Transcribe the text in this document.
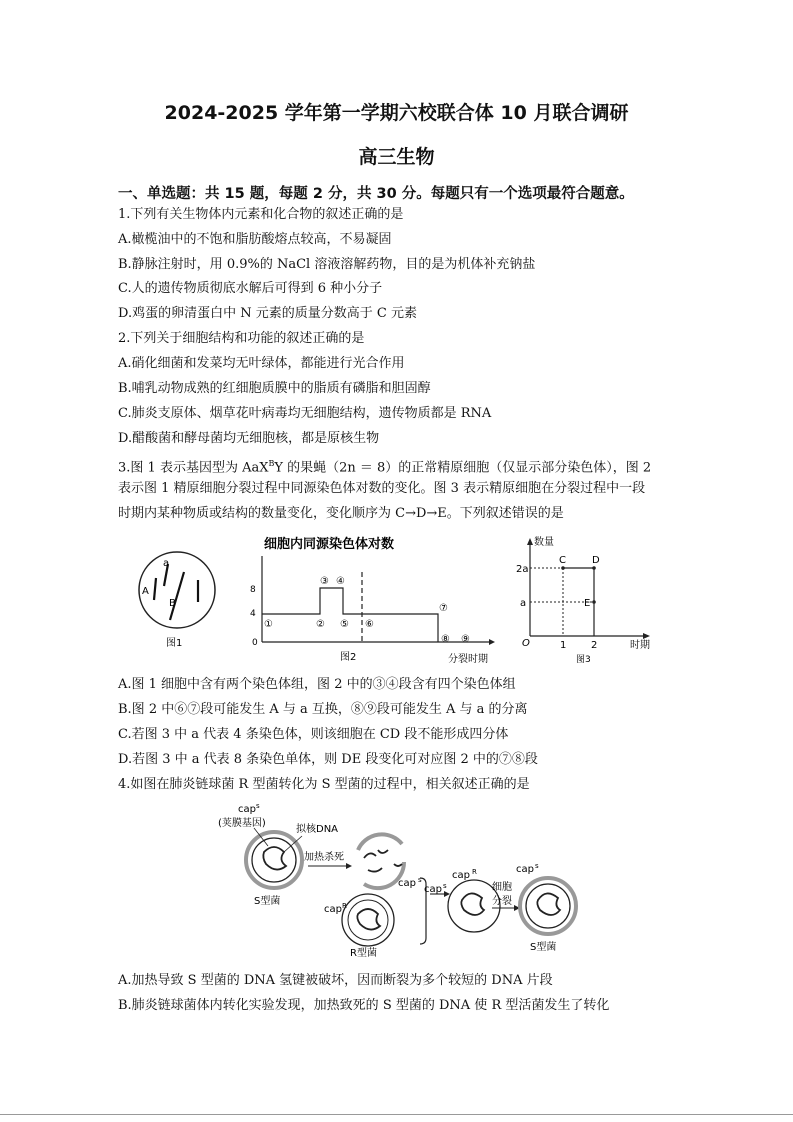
2024-2025 学年第一学期六校联合体 10 月联合调研
高三生物
一、单选题：共 15 题，每题 2 分，共 30 分。每题只有一个选项最符合题意。
1.下列有关生物体内元素和化合物的叙述正确的是
A.橄榄油中的不饱和脂肪酸熔点较高，不易凝固
B.静脉注射时，用 0.9%的 NaCl 溶液溶解药物，目的是为机体补充钠盐
C.人的遗传物质彻底水解后可得到 6 种小分子
D.鸡蛋的卵清蛋白中 N 元素的质量分数高于 C 元素
2.下列关于细胞结构和功能的叙述正确的是
A.硝化细菌和发菜均无叶绿体，都能进行光合作用
B.哺乳动物成熟的红细胞质膜中的脂质有磷脂和胆固醇
C.肺炎支原体、烟草花叶病毒均无细胞结构，遗传物质都是 RNA
D.醋酸菌和酵母菌均无细胞核，都是原核生物
3.图 1 表示基因型为 AaX$^B$Y 的果蝇（2n ＝ 8）的正常精原细胞（仅显示部分染色体），图 2
表示图 1 精原细胞分裂过程中同源染色体对数的变化。图 3 表示精原细胞在分裂过程中一段
时期内某种物质或结构的数量变化，变化顺序为 C→D→E。下列叙述错误的是
a
A
B
图1
细胞内同源染色体对数
8
4
0
①	②
③ ④
⑤ ⑥
⑦
⑧ ⑨
图2	分裂时期
数量
2a
a
C	D
E
O	1 2	时期
图3
A.图 1 细胞中含有两个染色体组，图 2 中的③④段含有四个染色体组
B.图 2 中⑥⑦段可能发生 A 与 a 互换，⑧⑨段可能发生 A 与 a 的分离
C.若图 3 中 a 代表 4 条染色体，则该细胞在 CD 段不能形成四分体
D.若图 3 中 a 代表 8 条染色单体，则 DE 段变化可对应图 2 中的⑦⑧段
4.如图在肺炎链球菌 R 型菌转化为 S 型菌的过程中，相关叙述正确的是
cap$^s$
(荚膜基因)
拟核DNA
S型菌
加热杀死
cap s
cap$^R$
R型菌
cap R
cap s	细胞
分裂
cap s
S型菌
A.加热导致 S 型菌的 DNA 氢键被破坏，因而断裂为多个较短的 DNA 片段
B.肺炎链球菌体内转化实验发现，加热致死的 S 型菌的 DNA 使 R 型活菌发生了转化
